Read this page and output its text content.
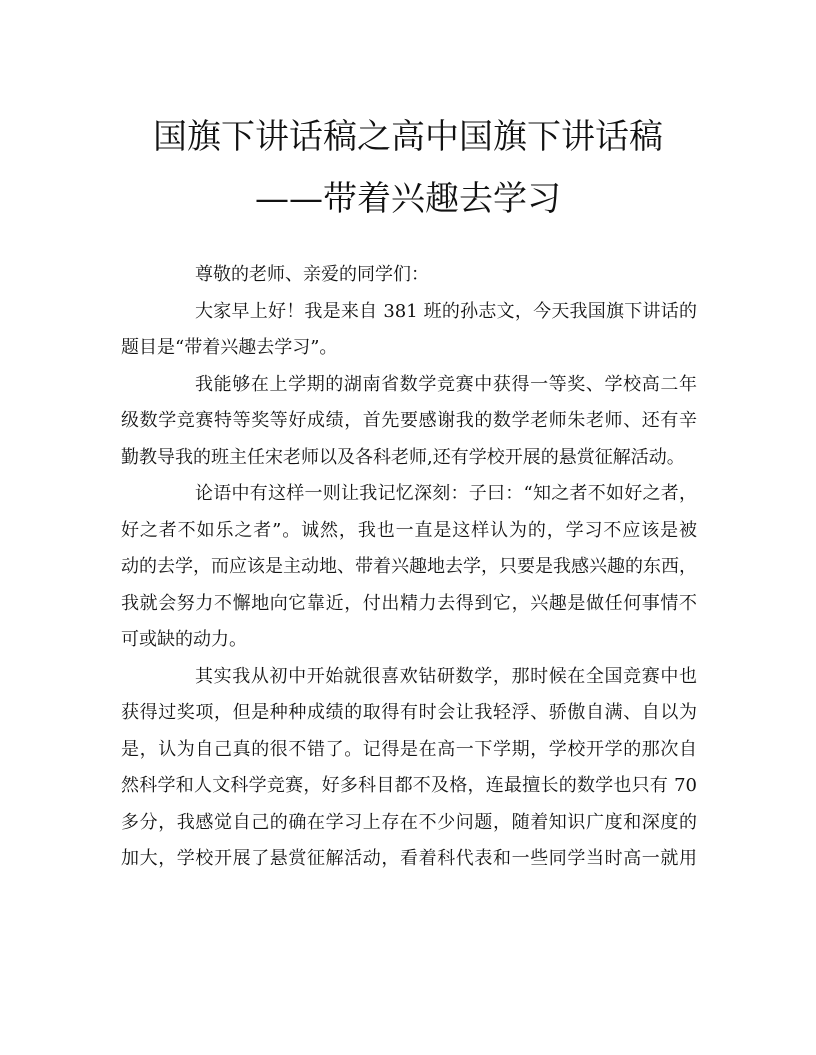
国旗下讲话稿之高中国旗下讲话稿
——带着兴趣去学习
尊敬的老师、亲爱的同学们：
大家早上好！我是来自 381 班的孙志文，今天我国旗下讲话的
题目是“带着兴趣去学习”。
我能够在上学期的湖南省数学竞赛中获得一等奖、学校高二年
级数学竞赛特等奖等好成绩，首先要感谢我的数学老师朱老师、还有辛
勤教导我的班主任宋老师以及各科老师,还有学校开展的悬赏征解活动。
论语中有这样一则让我记忆深刻：子曰：“知之者不如好之者，
好之者不如乐之者”。诚然，我也一直是这样认为的，学习不应该是被
动的去学，而应该是主动地、带着兴趣地去学，只要是我感兴趣的东西，
我就会努力不懈地向它靠近，付出精力去得到它，兴趣是做任何事情不
可或缺的动力。
其实我从初中开始就很喜欢钻研数学，那时候在全国竞赛中也
获得过奖项，但是种种成绩的取得有时会让我轻浮、骄傲自满、自以为
是，认为自己真的很不错了。记得是在高一下学期，学校开学的那次自
然科学和人文科学竞赛，好多科目都不及格，连最擅长的数学也只有 70
多分，我感觉自己的确在学习上存在不少问题，随着知识广度和深度的
加大，学校开展了悬赏征解活动，看着科代表和一些同学当时高一就用
